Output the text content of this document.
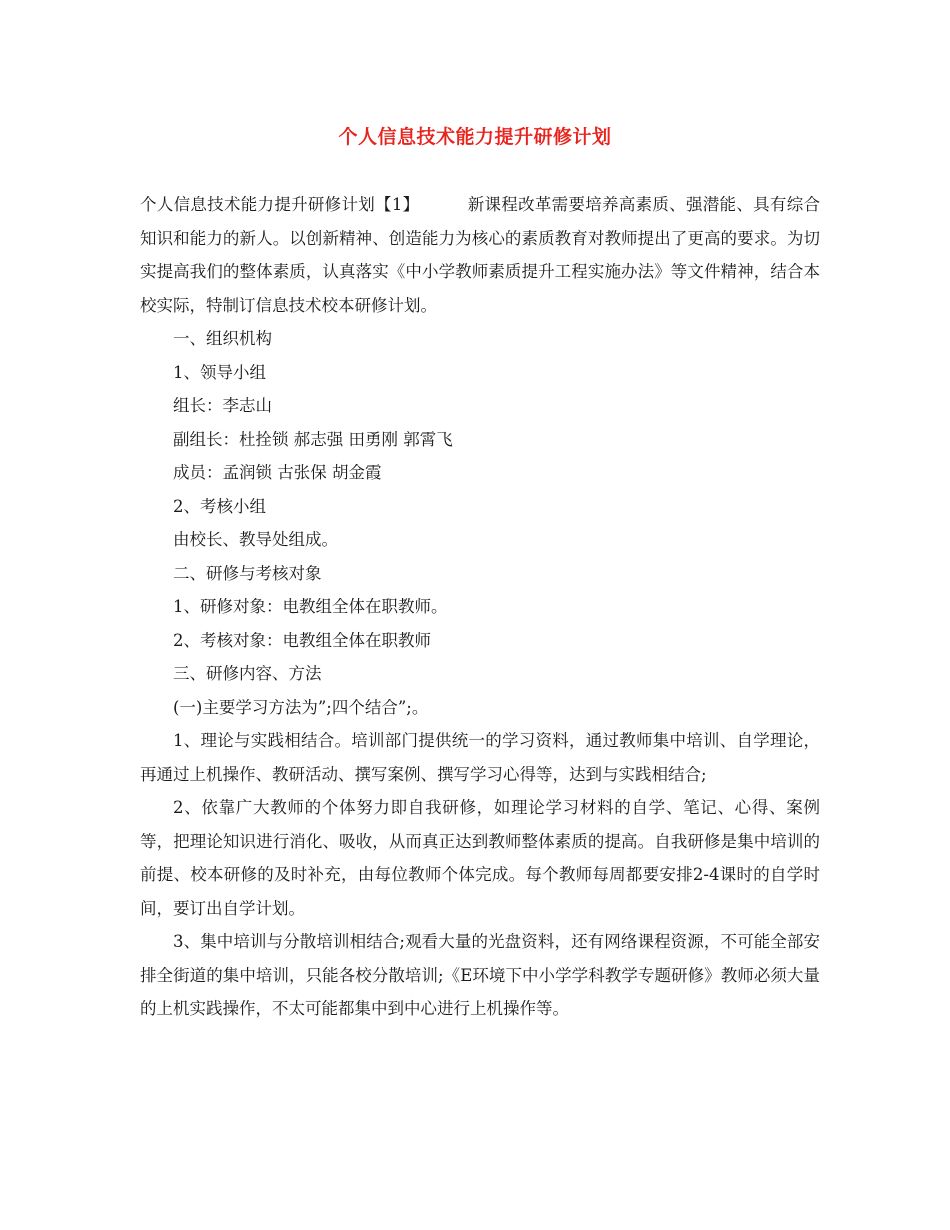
个人信息技术能力提升研修计划

个人信息技术能力提升研修计划【1】	新课程改革需要培养高素质、强潜能、具有综合知识和能力的新人。以创新精神、创造能力为核心的素质教育对教师提出了更高的要求。为切实提高我们的整体素质，认真落实《中小学教师素质提升工程实施办法》等文件精神，结合本校实际，特制订信息技术校本研修计划。

一、组织机构

1、领导小组

组长：李志山

副组长：杜拴锁 郝志强 田勇刚 郭霄飞

成员：孟润锁 古张保 胡金霞

2、考核小组

由校长、教导处组成。

二、研修与考核对象

1、研修对象：电教组全体在职教师。

2、考核对象：电教组全体在职教师

三、研修内容、方法

(一)主要学习方法为”;四个结合”;。

1、理论与实践相结合。培训部门提供统一的学习资料，通过教师集中培训、自学理论，再通过上机操作、教研活动、撰写案例、撰写学习心得等，达到与实践相结合;

2、依靠广大教师的个体努力即自我研修，如理论学习材料的自学、笔记、心得、案例等，把理论知识进行消化、吸收，从而真正达到教师整体素质的提高。自我研修是集中培训的前提、校本研修的及时补充，由每位教师个体完成。每个教师每周都要安排2-4课时的自学时间，要订出自学计划。

3、集中培训与分散培训相结合;观看大量的光盘资料，还有网络课程资源，不可能全部安排全街道的集中培训，只能各校分散培训;《E环境下中小学学科教学专题研修》教师必须大量的上机实践操作，不太可能都集中到中心进行上机操作等。
